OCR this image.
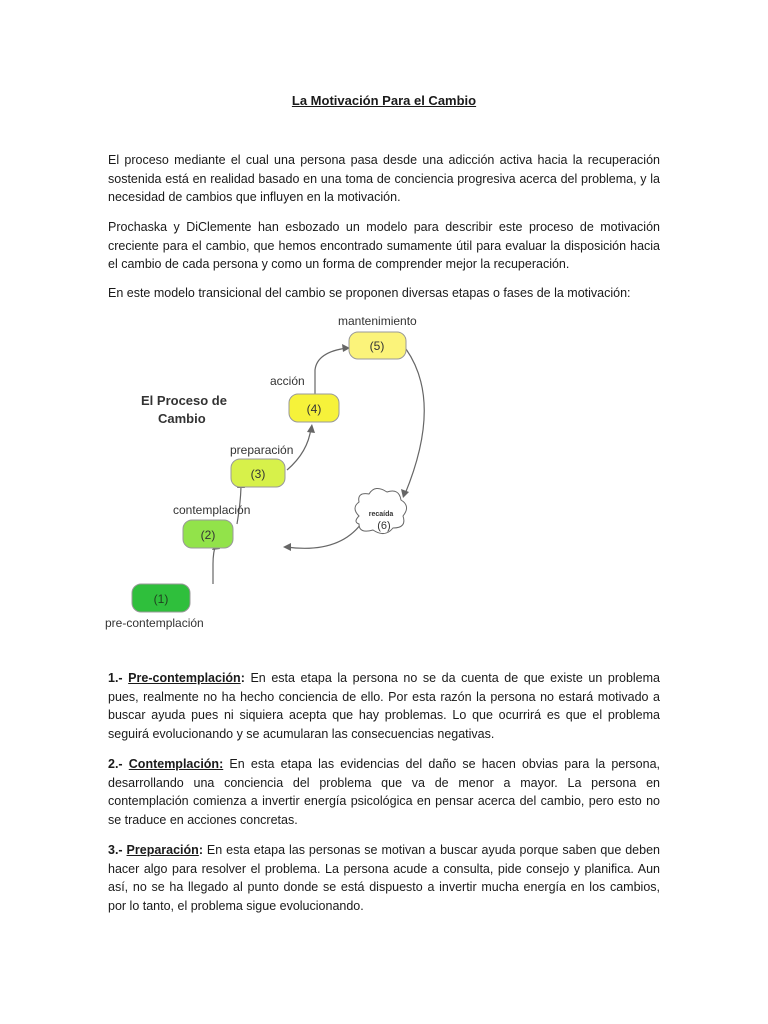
La Motivación Para el Cambio

El proceso mediante el cual una persona pasa desde una adicción activa hacia la recuperación sostenida está en realidad basado en una toma de conciencia progresiva acerca del problema, y la necesidad de cambios que influyen en la motivación.

Prochaska y DiClemente han esbozado un modelo para describir este proceso de motivación creciente para el cambio, que hemos encontrado sumamente útil para evaluar la disposición hacia el cambio de cada persona y como un forma de comprender mejor la recuperación.

En este modelo transicional del cambio se proponen diversas etapas o fases de la motivación:

El Proceso de
Cambio
mantenimiento
(5)
acción
(4)
preparación
(3)
contemplación
(2)
(1)
pre-contemplación
recaída
(6)

1.- Pre-contemplación: En esta etapa la persona no se da cuenta de que existe un problema pues, realmente no ha hecho conciencia de ello. Por esta razón la persona no estará motivado a buscar ayuda pues ni siquiera acepta que hay problemas. Lo que ocurrirá es que el problema seguirá evolucionando y se acumularan las consecuencias negativas.

2.- Contemplación: En esta etapa las evidencias del daño se hacen obvias para la persona, desarrollando una conciencia del problema que va de menor a mayor. La persona en contemplación comienza a invertir energía psicológica en pensar acerca del cambio, pero esto no se traduce en acciones concretas.

3.- Preparación: En esta etapa las personas se motivan a buscar ayuda porque saben que deben hacer algo para resolver el problema. La persona acude a consulta, pide consejo y planifica. Aun así, no se ha llegado al punto donde se está dispuesto a invertir mucha energía en los cambios, por lo tanto, el problema sigue evolucionando.
